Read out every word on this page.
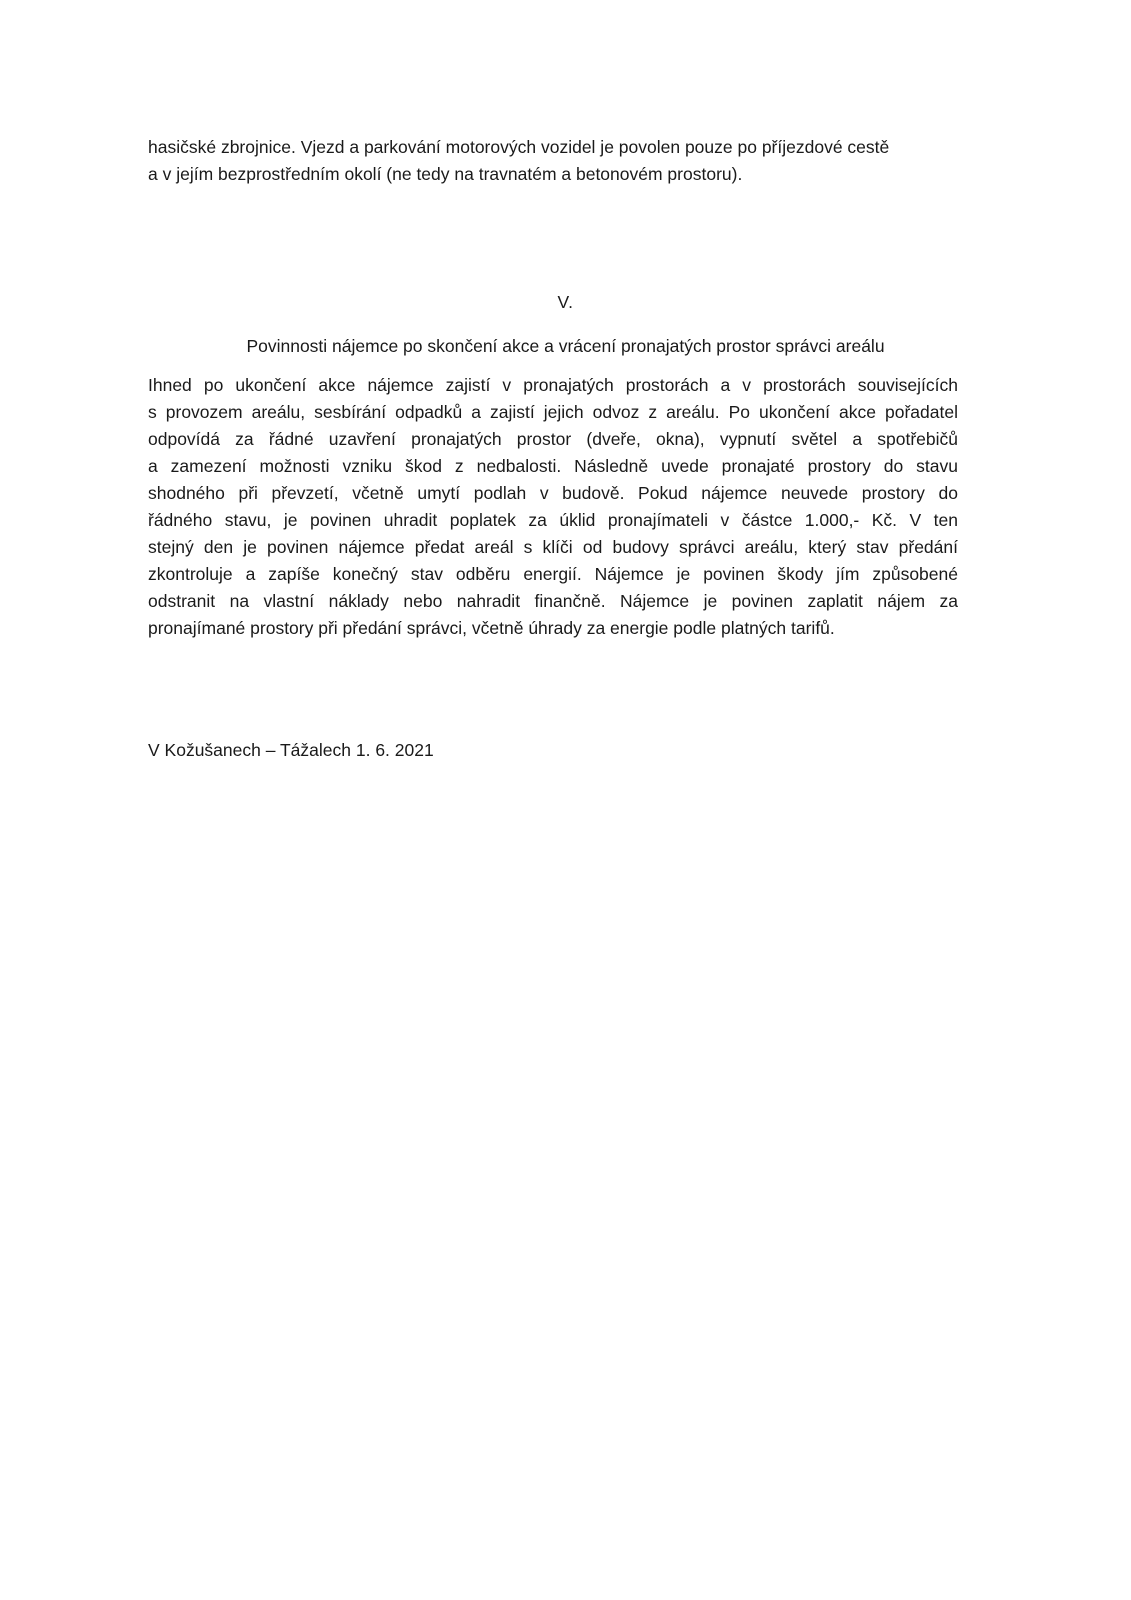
hasičské zbrojnice. Vjezd a parkování motorových vozidel je povolen pouze po příjezdové cestě
a v jejím bezprostředním okolí (ne tedy na travnatém a betonovém prostoru).
V.
Povinnosti nájemce po skončení akce a vrácení pronajatých prostor správci areálu
Ihned po ukončení akce nájemce zajistí v pronajatých prostorách a v prostorách souvisejících
s provozem areálu, sesbírání odpadků a zajistí jejich odvoz z areálu. Po ukončení akce pořadatel
odpovídá za řádné uzavření pronajatých prostor (dveře, okna), vypnutí světel a spotřebičů
a zamezení možnosti vzniku škod z nedbalosti. Následně uvede pronajaté prostory do stavu
shodného při převzetí, včetně umytí podlah v budově. Pokud nájemce neuvede prostory do
řádného stavu, je povinen uhradit poplatek za úklid pronajímateli v částce 1.000,- Kč. V ten
stejný den je povinen nájemce předat areál s klíči od budovy správci areálu, který stav předání
zkontroluje a zapíše konečný stav odběru energií. Nájemce je povinen škody jím způsobené
odstranit na vlastní náklady nebo nahradit finančně. Nájemce je povinen zaplatit nájem za
pronajímané prostory při předání správci, včetně úhrady za energie podle platných tarifů.
V Kožušanech – Tážalech 1. 6. 2021
